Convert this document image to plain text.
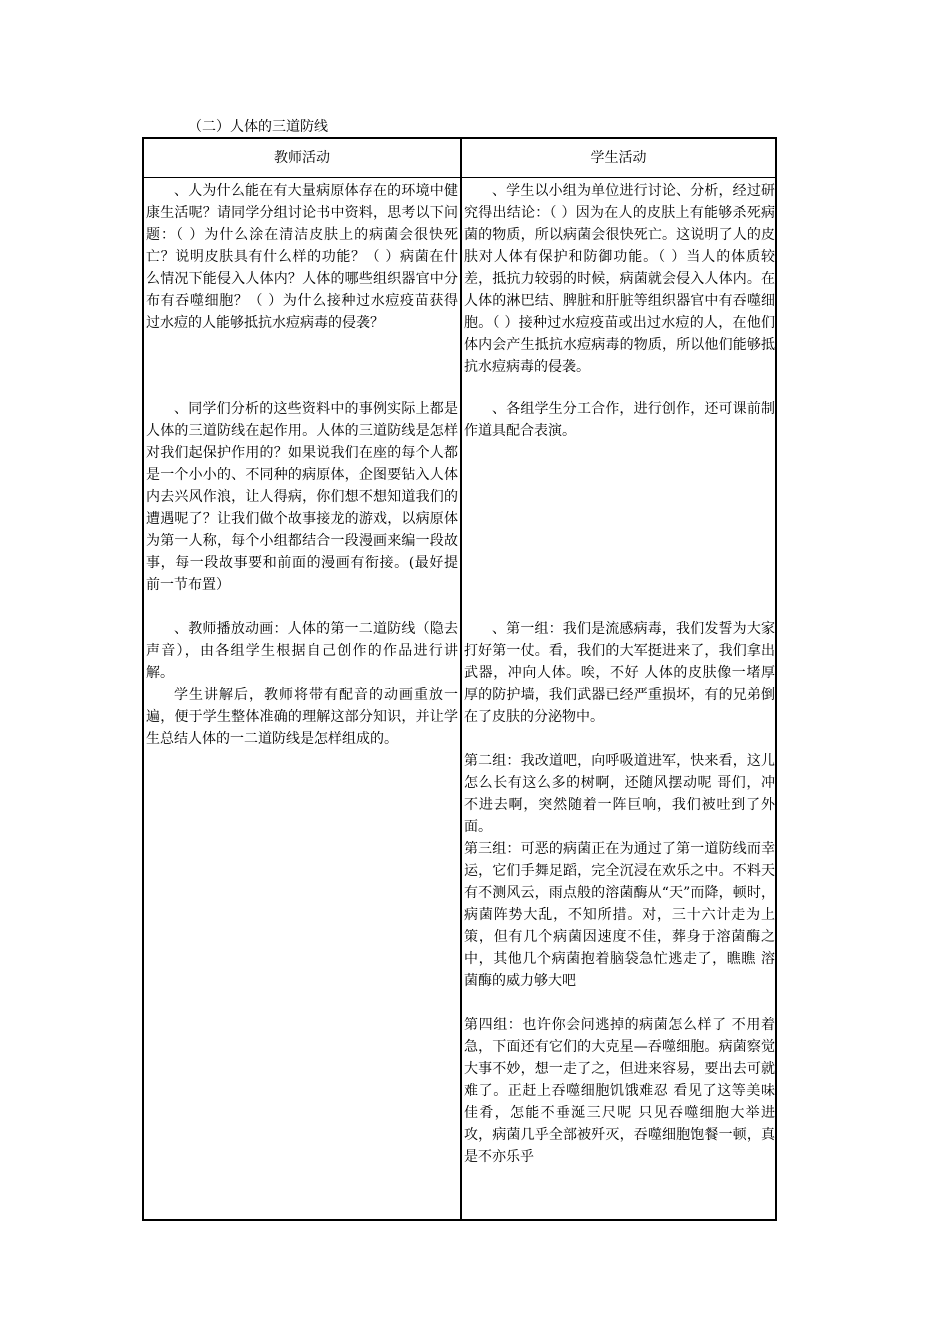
（二）人体的三道防线
教师活动	学生活动

、人为什么能在有大量病原体存在的环境中健康生活呢？请同学分组讨论书中资料，思考以下问题：（ ）为什么涂在清洁皮肤上的病菌会很快死亡？说明皮肤具有什么样的功能？（ ）病菌在什么情况下能侵入人体内？人体的哪些组织器官中分布有吞噬细胞？（ ）为什么接种过水痘疫苗获得过水痘的人能够抵抗水痘病毒的侵袭？

、同学们分析的这些资料中的事例实际上都是人体的三道防线在起作用。人体的三道防线是怎样对我们起保护作用的？如果说我们在座的每个人都是一个小小的、不同种的病原体，企图要钻入人体内去兴风作浪，让人得病，你们想不想知道我们的遭遇呢了？让我们做个故事接龙的游戏，以病原体为第一人称，每个小组都结合一段漫画来编一段故事，每一段故事要和前面的漫画有衔接。(最好提前一节布置）

、教师播放动画：人体的第一二道防线（隐去声音），由各组学生根据自己创作的作品进行讲解。

学生讲解后，教师将带有配音的动画重放一遍，便于学生整体准确的理解这部分知识，并让学生总结人体的一二道防线是怎样组成的。

、学生以小组为单位进行讨论、分析，经过研究得出结论：（ ）因为在人的皮肤上有能够杀死病菌的物质，所以病菌会很快死亡。这说明了人的皮肤对人体有保护和防御功能。（ ）当人的体质较差，抵抗力较弱的时候，病菌就会侵入人体内。在人体的淋巴结、脾脏和肝脏等组织器官中有吞噬细胞。（ ）接种过水痘疫苗或出过水痘的人，在他们体内会产生抵抗水痘病毒的物质，所以他们能够抵抗水痘病毒的侵袭。

、各组学生分工合作，进行创作，还可课前制作道具配合表演。

、第一组：我们是流感病毒，我们发誓为大家打好第一仗。看，我们的大军挺进来了，我们拿出武器，冲向人体。唉，不好 人体的皮肤像一堵厚厚的防护墙，我们武器已经严重损坏，有的兄弟倒在了皮肤的分泌物中。

第二组：我改道吧，向呼吸道进军，快来看，这儿怎么长有这么多的树啊，还随风摆动呢 哥们，冲不进去啊，突然随着一阵巨响，我们被吐到了外面。

第三组：可恶的病菌正在为通过了第一道防线而幸运，它们手舞足蹈，完全沉浸在欢乐之中。不料天有不测风云，雨点般的溶菌酶从“天”而降，顿时，病菌阵势大乱，不知所措。对，三十六计走为上策，但有几个病菌因速度不佳，葬身于溶菌酶之中，其他几个病菌抱着脑袋急忙逃走了，瞧瞧 溶菌酶的威力够大吧

第四组：也许你会问逃掉的病菌怎么样了 不用着急，下面还有它们的大克星—吞噬细胞。病菌察觉大事不妙，想一走了之，但进来容易，要出去可就难了。正赶上吞噬细胞饥饿难忍 看见了这等美味佳肴，怎能不垂涎三尺呢 只见吞噬细胞大举进攻，病菌几乎全部被歼灭，吞噬细胞饱餐一顿，真是不亦乐乎
